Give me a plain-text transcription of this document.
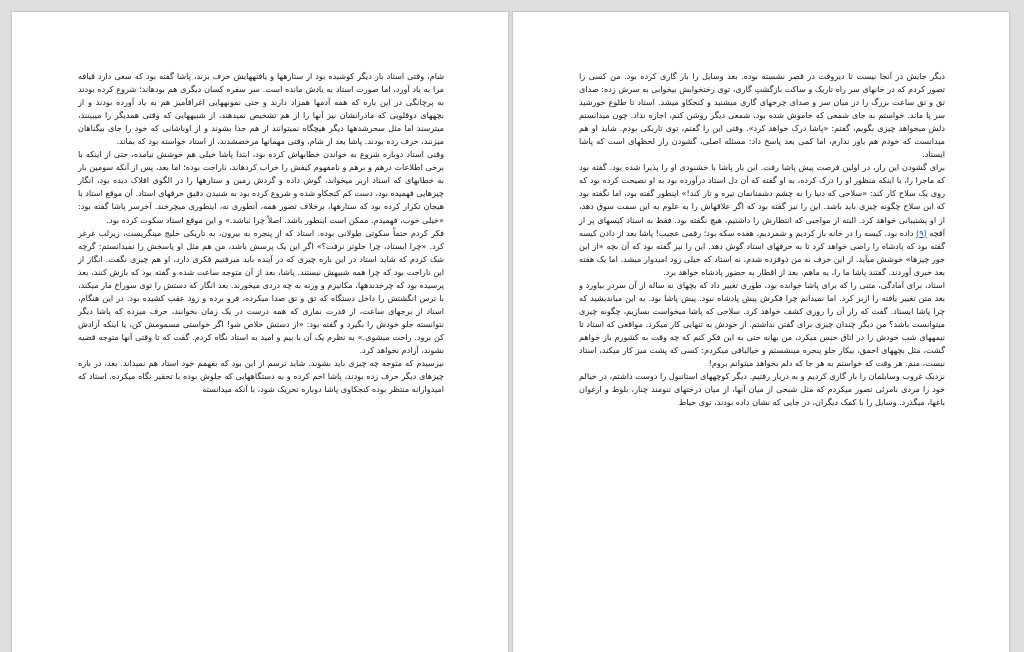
شام، وقتی استاد بار دیگر کوشیده بود از ستارهها و یافتههایش حرف بزند، پاشا گفته بود که سعی دارد قیافه مرا به یاد آورد، اما صورت استاد به یادش مانده است. سر سفره کسان دیگری هم بودهاند؛ شروع کرده بودند به پرچانگی در این باره که همه آدمها همزاد دارند و حتی نمونههایی اغراقآمیز هم به یاد آورده بودند و از بچههای دوقلویی که مادرانشان نیز آنها را از هم تشخیص نمیدهند، از شبیههایی که وقتی همدیگر را میبینند، میترسند اما مثل سحرشدهها دیگر هیچگاه نمیتوانند از هم جدا بشوند و از اوباشانی که خود را جای بیگناهان میزنند، حرف زده بودند. پاشا بعد از شام، وقتی مهمانها مرخصشدند، از استاد خواسته بود که بماند.

وقتی استاد دوباره شروع به خواندن خطابهاش کرده بود، ابتدا پاشا خیلی هم خوشش نیامده، حتی از اینکه با برخی اطلاعات درهم و برهم و نامفهوم کیفش را خراب کردهاند، ناراحت بوده؛ اما بعد، پس از آنکه سومین بار به خطابهای که استاد ازبر میخواند، گوش داده و گردش زمین و ستارهها را در الگوی افلاک دیده بود، انگار چیزهایی فهمیده بود، دست کم کنجکاو شده و شروع کرده بود به شنیدن دقیق حرفهای استاد. آن موقع استاد با هیجان تکرار کرده بود که ستارهها، برخلاف تصور همه، آنطوری نه، اینطوری میچرخند. آخرسر پاشا گفته بود: «خیلی خوب، فهمیدم. ممکن است اینطور باشد. اصلاً چرا نباشد.» و این موقع استاد سکوت کرده بود.

فکر کردم حتماً سکوتی طولانی بوده. استاد که از پنجره به بیرون، به تاریکی خلیج مینگریست، زیرلب غرغر کرد. «چرا ایستاد، چرا جلوتر نرفت؟» اگر این یک پرسش باشد، من هم مثل او پاسخش را نمیدانستم: گرچه شک کردم که شاید استاد در این باره چیزی که در آینده باید میرفتیم فکری دارد، او هم چیزی نگفت. انگار از این ناراحت بود که چرا همه شبیهش نیستند. پاشا، بعد از آن متوجه ساعت شده و گفته بود که بازش کنند، بعد پرسیده بود که چرخدندهها، مکانیزم و وزنه به چه دردی میخورند. بعد انگار که دستش را توی سوراخ مار میکند، با ترس انگشتش را داخل دستگاه که تق و تق صدا میکرده، فرو برده و زود عقب کشیده بود. در این هنگام، استاد از برجهای ساعت، از قدرت نمازی که همه درست در یک زمان بخوانند، حرف میزده که پاشا دیگر نتوانسته جلو خودش را بگیرد و گفته بود: «از دستش خلاص شو! اگر خواستی مسمومش کن، یا اینکه آزادش کن برود. راحت میشوی.» به نظرم یک آن با بیم و امید به استاد نگاه کردم. گفت که تا وقتی آنها متوجه قضیه نشوند، آزادم نخواهد کرد.

نیرسیدم که متوجه چه چیزی باید بشوند. شاید ترسم از این بود که بفهمم خود استاد هم نمیداند. بعد، در باره چیزهای دیگر حرف زده بودند، پاشا اخم کرده و به دستگاههایی که جلوش بوده با تحقیر نگاه میکرده. استاد که امیدوارانه منتظر بوده کنجکاوی پاشا دوباره تحریک شود، با آنکه میدانسته

دیگر جایش در آنجا نیست تا دیروقت در قصر نشسته بوده. بعد وسایل را بار گاری کرده بود. من کسی را تصور کردم که در خانهای سر راه تاریک و ساکت بازگشتِ گاری، توی رختخوابش بیخوابی به سرش زده: صدای تق و تق ساعت بزرگ را در میان سر و صدای چرخهای گاری میشنید و کنجکاو میشد. استاد تا طلوع خورشید سر پا ماند. خواستم به جای شمعی که خاموش شده بود، شمعی دیگر روشن کنم، اجازه نداد. چون میدانستم دلش میخواهد چیزی بگویم، گفتم: «پاشا درک خواهد کرد». وقتی این را گفتم، توی تاریکی بودم. شاید او هم میدانست که خودم هم باور ندارم، اما کمی بعد پاسخ داد: مسئله اصلی، گشودن راز لحظهای است که پاشا ایستاد.

برای گشودن این راز، در اولین فرصت پیش پاشا رفت. این بار پاشا با خشنودی او را پذیرا شده بود. گفته بود که ماجرا را، با اینکه منظور او را درک کرده، به او گفته که آن دل استاد درآورده بود به او نصیحت کرده بود که روی یک سلاح کار کند: «سلاحی که دنیا را به چشم دشمنانمان تیره و تار کند!» اینطور گفته بود، اما نگفته بود که این سلاح چگونه چیزی باید باشد. این را نیز گفته بود که اگر علاقهاش را به علوم به این سمت سوق دهد، از او پشتیبانی خواهد کرد. البته از مواجبی که انتظارش را داشتیم، هیچ نگفته بود. فقط به استاد کیسهای پر از آقچه (۹) داده بود. کیسه را در خانه باز کردیم و شمردیم، هفده سکه بود؛ رقمی عجیب! پاشا بعد از دادن کیسه گفته بود که پادشاه را راضی خواهد کرد تا به حرفهای استاد گوش دهد. این را نیز گفته بود که آن بچه «از این جور چیزها» خوشش میآید. از این حرف نه من ذوقزده شدم، نه استاد که خیلی زود امیدوار میشد. اما یک هفته بعد خبری آوردند. گفتند پاشا ما را، یه ماهم، بعد از اقطار به حضور پادشاه خواهد برد.

استاد، برای آمادگی، متنی را که برای پاشا خوانده بود، طوری تغییر داد که بچهای نه ساله از آن سردر بیاورد و بعد متن تغییر یافته را ازبر کرد. اما نمیدانم چرا فکرش پیش پادشاه نبود. پیش پاشا بود. به این میاندیشید که چرا پاشا ایستاد. گفت که راز آن را روزی کشف خواهد کرد. سلاحی که پاشا میخواست بسازیم، چگونه چیزی میتوانست باشد؟ من دیگر چندان چیزی برای گفتن نداشتم. از خودش به تنهایی کار میکرد. مواقعی که استاد تا نیمههای شب خودش را در اتاق حبس میکرد، من بهانه حتی به این فکر کنم که چه وقت به کشورم باز خواهم گشت، مثل بچههای احمق، بیکار جلو پنجره مینشستم و خیالبافی میکردم: کسی که پشت میز کار میکند، استاد نیست، منم. هر وقت که خواستم به هر جا که دلم بخواهد میتوانم بروم!

نزدیک غروب وسایلمان را بار گاری کردیم و به دربار رفتیم. دیگر کوچههای استانبول را دوست داشتم، در خیالم خود را مردی نامرئی تصور میکردم که مثل شبحی از میان آنها، از میان درختهای تنومند چنار، بلوط و ارغوان باغها، میگذرد. وسایل را با کمک دیگران، در جایی که نشان داده بودند، توی حیاط
